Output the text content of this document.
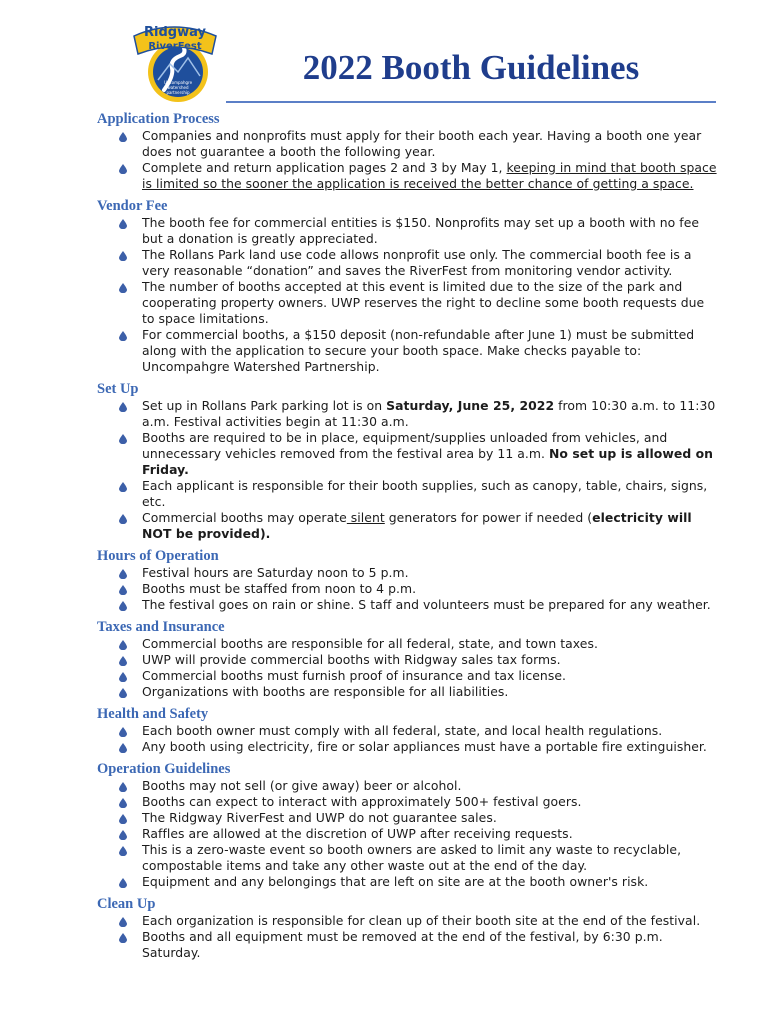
Ridgway
RiverFest
Uncompahgre
watershed
partnership
2022 Booth Guidelines
Application Process
Companies and nonprofits must apply for their booth each year. Having a booth one year does not guarantee a booth the following year.
Complete and return application pages 2 and 3 by May 1, keeping in mind that booth space is limited so the sooner the application is received the better chance of getting a space.
Vendor Fee
The booth fee for commercial entities is $150. Nonprofits may set up a booth with no fee but a donation is greatly appreciated.
The Rollans Park land use code allows nonprofit use only. The commercial booth fee is a very reasonable “donation” and saves the RiverFest from monitoring vendor activity.
The number of booths accepted at this event is limited due to the size of the park and cooperating property owners. UWP reserves the right to decline some booth requests due to space limitations.
For commercial booths, a $150 deposit (non-refundable after June 1) must be submitted along with the application to secure your booth space. Make checks payable to: Uncompahgre Watershed Partnership.
Set Up
Set up in Rollans Park parking lot is on Saturday, June 25, 2022 from 10:30 a.m. to 11:30 a.m. Festival activities begin at 11:30 a.m.
Booths are required to be in place, equipment/supplies unloaded from vehicles, and unnecessary vehicles removed from the festival area by 11 a.m. No set up is allowed on Friday.
Each applicant is responsible for their booth supplies, such as canopy, table, chairs, signs, etc.
Commercial booths may operate silent generators for power if needed (electricity will NOT be provided).
Hours of Operation
Festival hours are Saturday noon to 5 p.m.
Booths must be staffed from noon to 4 p.m.
The festival goes on rain or shine. S taff and volunteers must be prepared for any weather.
Taxes and Insurance
Commercial booths are responsible for all federal, state, and town taxes.
UWP will provide commercial booths with Ridgway sales tax forms.
Commercial booths must furnish proof of insurance and tax license.
Organizations with booths are responsible for all liabilities.
Health and Safety
Each booth owner must comply with all federal, state, and local health regulations.
Any booth using electricity, fire or solar appliances must have a portable fire extinguisher.
Operation Guidelines
Booths may not sell (or give away) beer or alcohol.
Booths can expect to interact with approximately 500+ festival goers.
The Ridgway RiverFest and UWP do not guarantee sales.
Raffles are allowed at the discretion of UWP after receiving requests.
This is a zero-waste event so booth owners are asked to limit any waste to recyclable, compostable items and take any other waste out at the end of the day.
Equipment and any belongings that are left on site are at the booth owner's risk.
Clean Up
Each organization is responsible for clean up of their booth site at the end of the festival.
Booths and all equipment must be removed at the end of the festival, by 6:30 p.m. Saturday.
